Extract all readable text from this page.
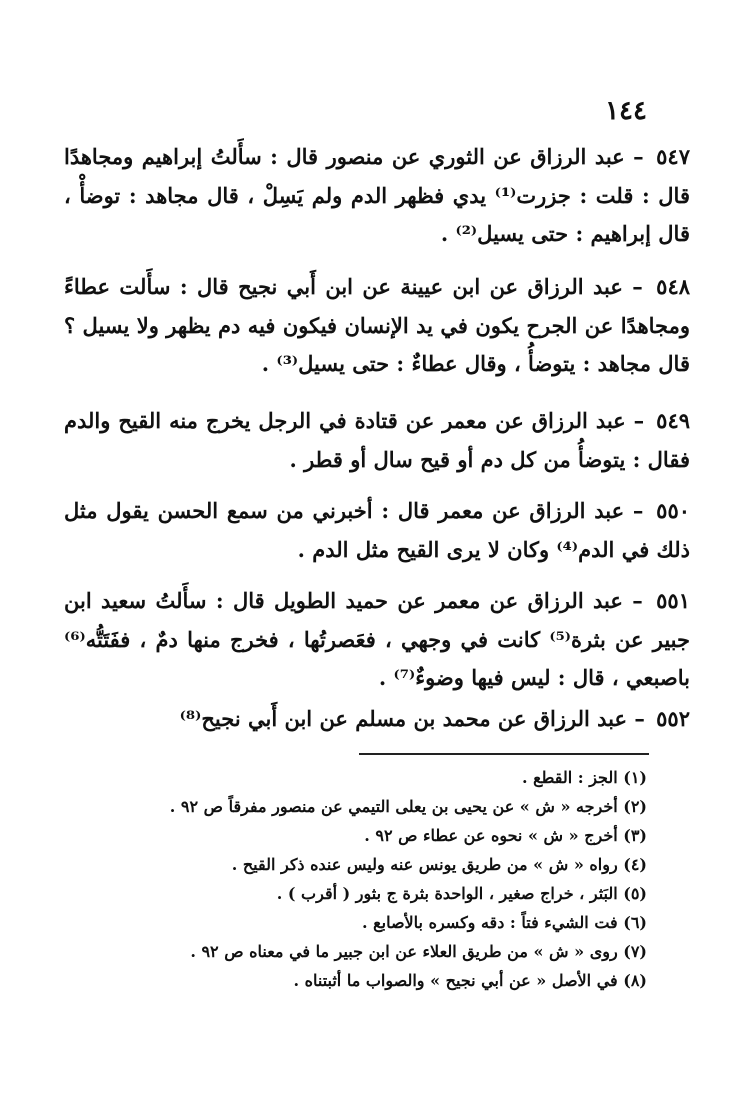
١٤٤

٥٤٧ – عبد الرزاق عن الثوري عن منصور قال : سأَلتُ إبراهيم ومجاهدًا قال : قلت : جزرت⁽¹⁾ يدي فظهر الدم ولم يَسِلْ ، قال مجاهد : توضأْ ، قال إبراهيم : حتى يسيل⁽²⁾ .

٥٤٨ – عبد الرزاق عن ابن عيينة عن ابن أَبي نجيح قال : سأَلت عطاءً ومجاهدًا عن الجرح يكون في يد الإنسان فيكون فيه دم يظهر ولا يسيل ؟ قال مجاهد : يتوضأُ ، وقال عطاءٌ : حتى يسيل⁽³⁾ .

٥٤٩ – عبد الرزاق عن معمر عن قتادة في الرجل يخرج منه القيح والدم فقال : يتوضأُ من كل دم أو قيح سال أو قطر .

٥٥٠ – عبد الرزاق عن معمر قال : أخبرني من سمع الحسن يقول مثل ذلك في الدم⁽⁴⁾ وكان لا يرى القيح مثل الدم .

٥٥١ – عبد الرزاق عن معمر عن حميد الطويل قال : سأَلتُ سعيد ابن جبير عن بثرة⁽⁵⁾ كانت في وجهي ، فعَصرتُها ، فخرج منها دمٌ ، ففَتَتُّه⁽⁶⁾ باصبعي ، قال : ليس فيها وضوءٌ⁽⁷⁾ .

٥٥٢ – عبد الرزاق عن محمد بن مسلم عن ابن أَبي نجيح⁽⁸⁾

(١) الجز : القطع .
(٢) أخرجه « ش » عن يحيى بن يعلى التيمي عن منصور مفرقاً ص ٩٢ .
(٣) أخرج « ش » نحوه عن عطاء ص ٩٢ .
(٤) رواه « ش » من طريق يونس عنه وليس عنده ذكر القيح .
(٥) البَثر ، خراج صغير ، الواحدة بثرة ج بثور ( أقرب ) .
(٦) فت الشيء فتاً : دقه وكسره بالأصابع .
(٧) روى « ش » من طريق العلاء عن ابن جبير ما في معناه ص ٩٢ .
(٨) في الأصل « عن أبي نجيح » والصواب ما أثبتناه .
